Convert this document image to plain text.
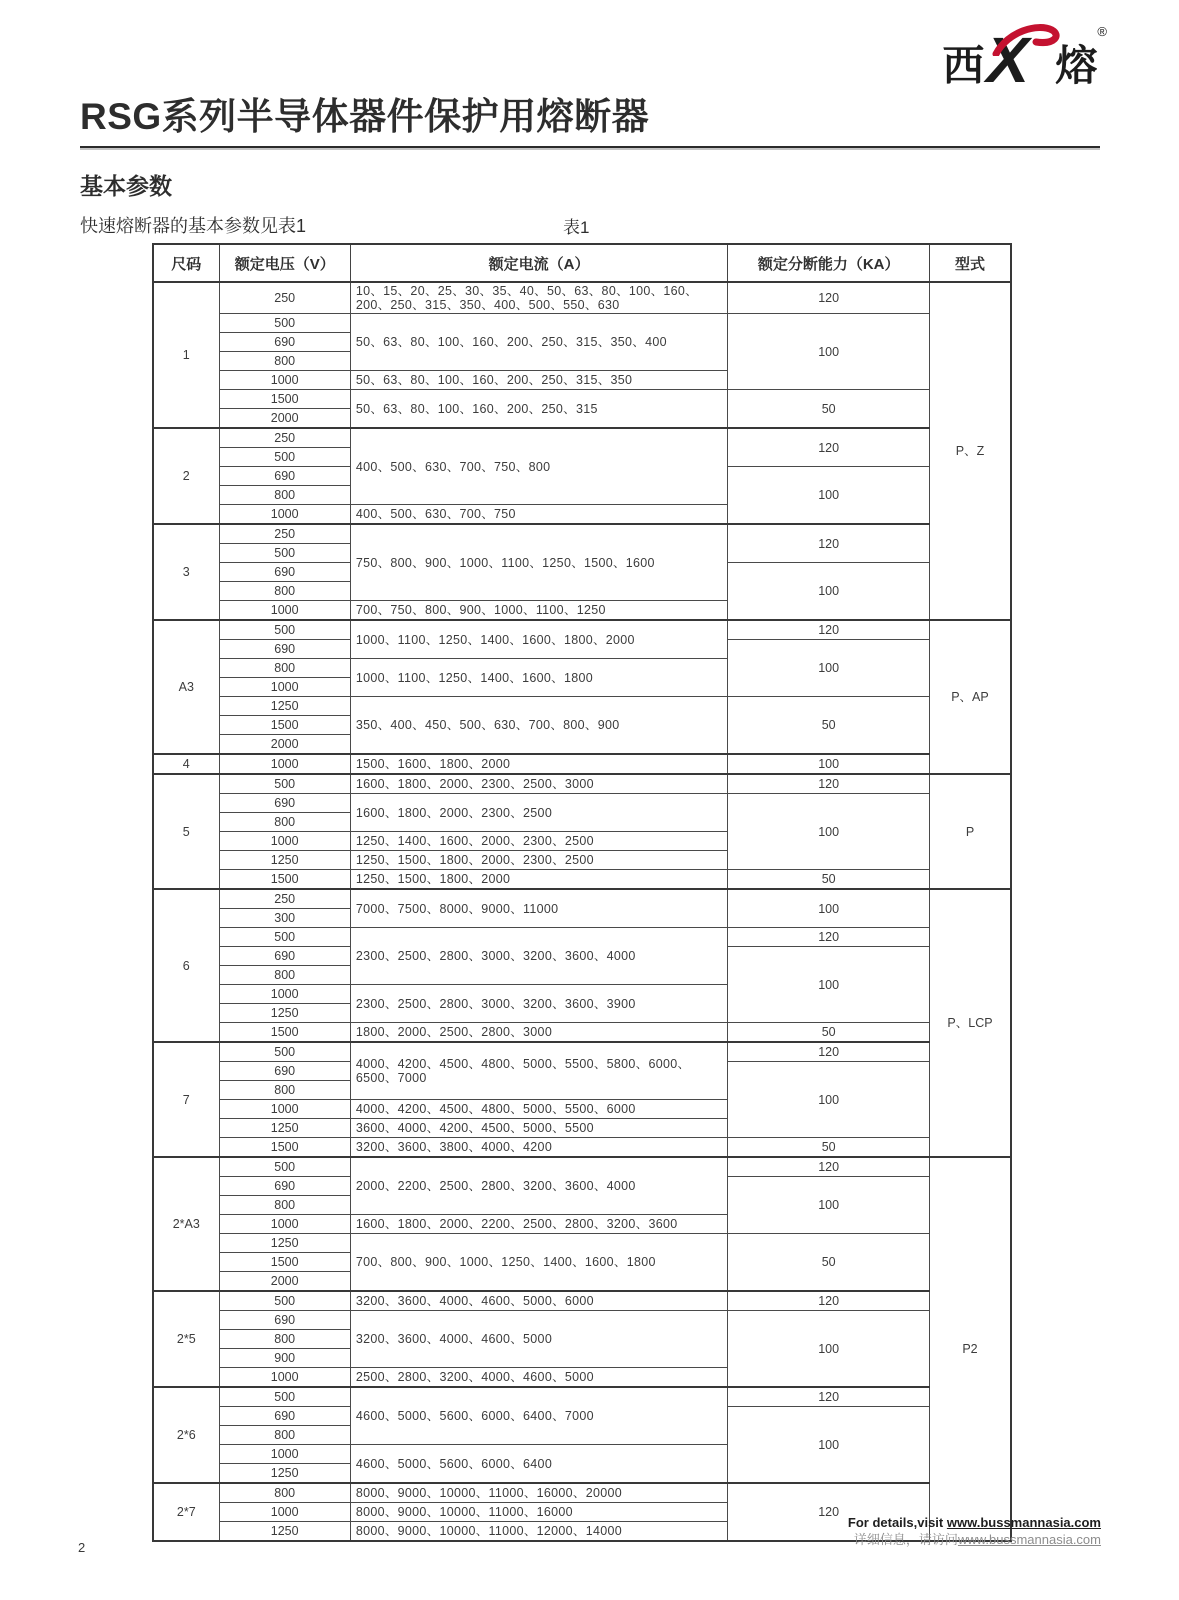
西 X 熔
®
RSG系列半导体器件保护用熔断器
基本参数
快速熔断器的基本参数见表1	表1
尺码	额定电压（V）	额定电流（A）	额定分断能力（KA）	型式
1	250	10、15、20、25、30、35、40、50、63、80、100、160、200、250、315、350、400、500、550、630	120	P、Z
	500	50、63、80、100、160、200、250、315、350、400	100	
	690			
	800			
	1000	50、63、80、100、160、200、250、315、350		
	1500	50、63、80、100、160、200、250、315	50	
	2000			
2	250	400、500、630、700、750、800	120	
	500			
	690		100	
	800			
	1000	400、500、630、700、750		
3	250	750、800、900、1000、1100、1250、1500、1600	120	
	500			
	690		100	
	800			
	1000	700、750、800、900、1000、1100、1250		
A3	500	1000、1100、1250、1400、1600、1800、2000	120	P、AP
	690		100	
	800	1000、1100、1250、1400、1600、1800		
	1000			
	1250	350、400、450、500、630、700、800、900	50	
	1500			
	2000			
4	1000	1500、1600、1800、2000	100	
5	500	1600、1800、2000、2300、2500、3000	120	P
	690	1600、1800、2000、2300、2500	100	
	800			
	1000	1250、1400、1600、2000、2300、2500		
	1250	1250、1500、1800、2000、2300、2500		
	1500	1250、1500、1800、2000	50	
6	250	7000、7500、8000、9000、11000	100	P、LCP
	300			
	500	2300、2500、2800、3000、3200、3600、4000	120	
	690		100	
	800			
	1000	2300、2500、2800、3000、3200、3600、3900		
	1250			
	1500	1800、2000、2500、2800、3000	50	
7	500	4000、4200、4500、4800、5000、5500、5800、6000、6500、7000	120	
	690		100	
	800			
	1000	4000、4200、4500、4800、5000、5500、6000		
	1250	3600、4000、4200、4500、5000、5500		
	1500	3200、3600、3800、4000、4200	50	
2*A3	500	2000、2200、2500、2800、3200、3600、4000	120	P2
	690		100	
	800			
	1000	1600、1800、2000、2200、2500、2800、3200、3600		
	1250	700、800、900、1000、1250、1400、1600、1800	50	
	1500			
	2000			
2*5	500	3200、3600、4000、4600、5000、6000	120	
	690	3200、3600、4000、4600、5000	100	
	800			
	900			
	1000	2500、2800、3200、4000、4600、5000		
2*6	500	4600、5000、5600、6000、6400、7000	120	
	690		100	
	800			
	1000	4600、5000、5600、6000、6400		
	1250			
2*7	800	8000、9000、10000、11000、16000、20000	120	
	1000	8000、9000、10000、11000、16000		
	1250	8000、9000、10000、11000、12000、14000		
For details,visit www.bussmannasia.com
详细信息，请访问www.bussmannasia.com
2
